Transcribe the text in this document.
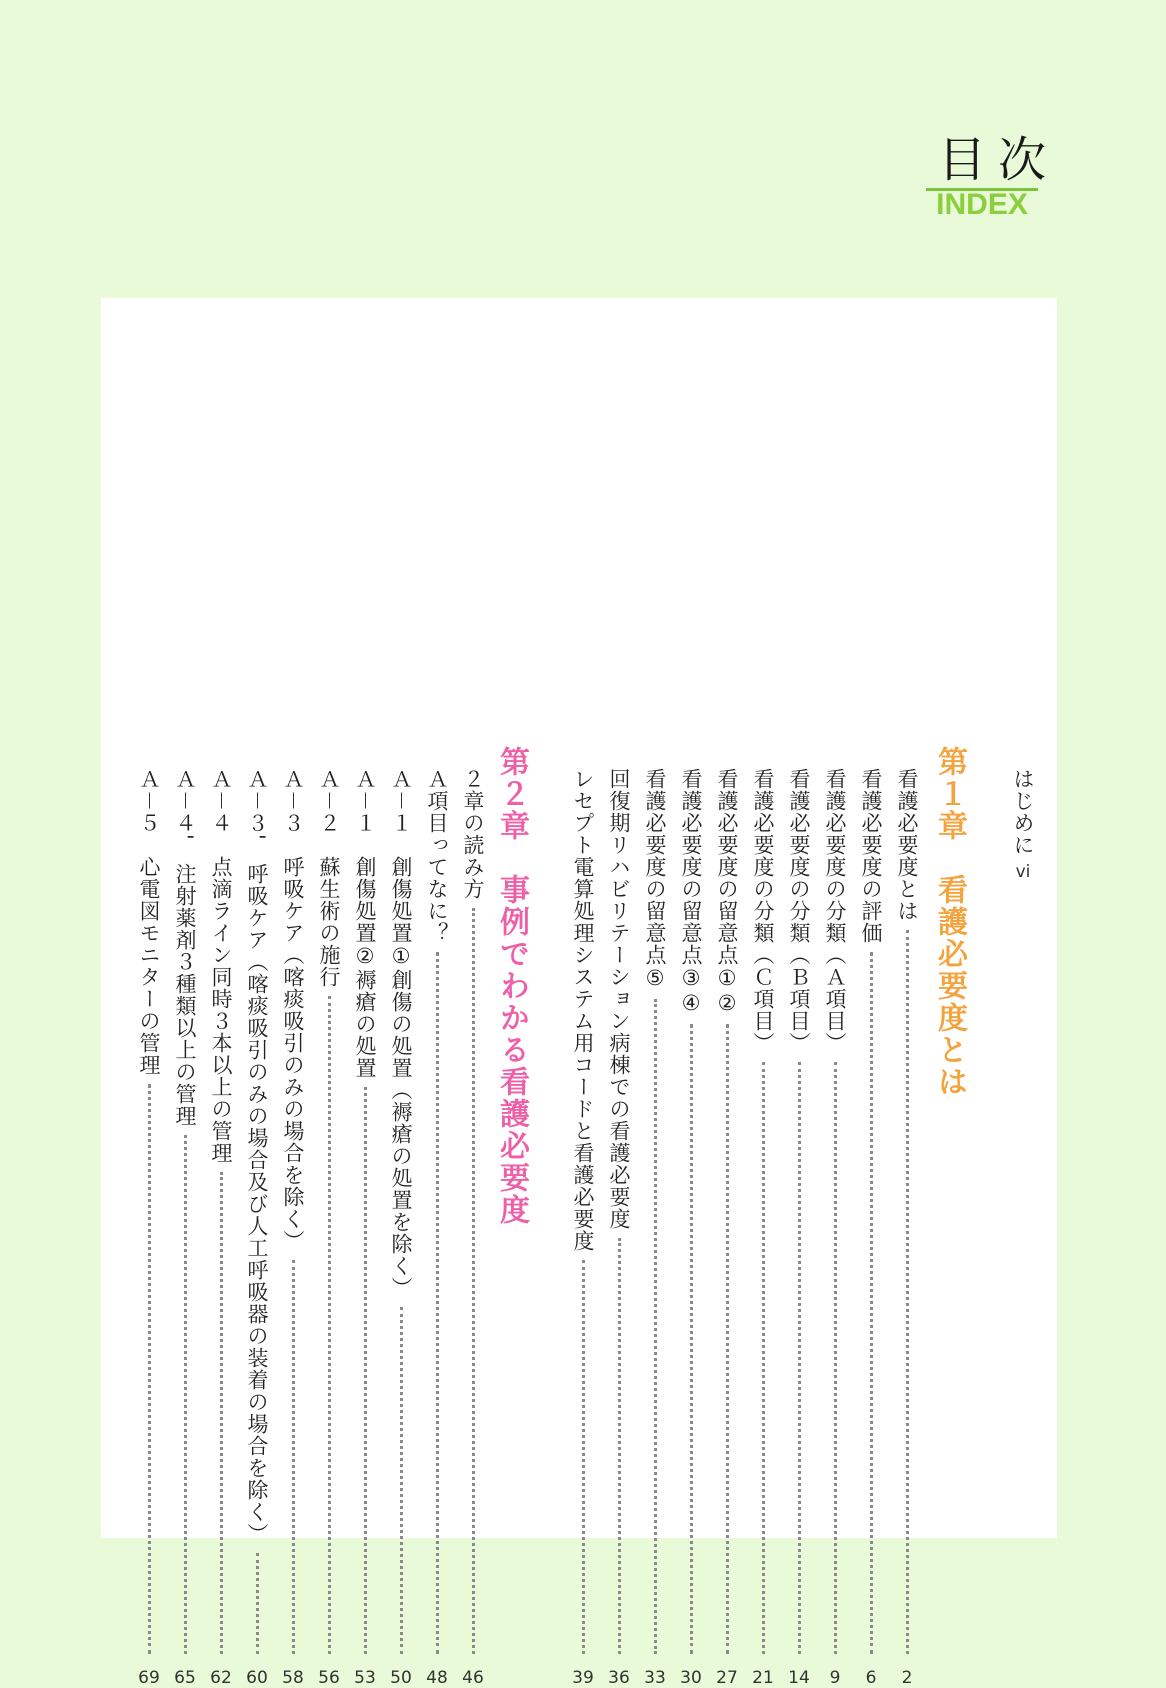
目次
INDEX
はじめに
vi
第１章　看護必要度とは
看護必要度とは
2
看護必要度の評価
6
看護必要度の分類（Ａ項目）
9
看護必要度の分類（Ｂ項目）
14
看護必要度の分類（Ｃ項目）
21
看護必要度の留意点①②
27
看護必要度の留意点③④
30
看護必要度の留意点⑤
33
回復期リハビリテーション病棟での看護必要度
36
レセプト電算処理システム用コードと看護必要度
39
第２章　事例でわかる看護必要度
２章の読み方
46
Ａ項目ってなに？
48
Ａ－１　創傷処置①創傷の処置（褥瘡の処置を除く）
50
Ａ－１　創傷処置②褥瘡の処置
53
Ａ－２　蘇生術の施行
56
Ａ－３　呼吸ケア（喀痰吸引のみの場合を除く）
58
Ａ－３'　呼吸ケア（喀痰吸引のみの場合及び人工呼吸器の装着の場合を除く）
60
Ａ－４　点滴ライン同時３本以上の管理
62
Ａ－４'　注射薬剤３種類以上の管理
65
Ａ－５　心電図モニターの管理
69
